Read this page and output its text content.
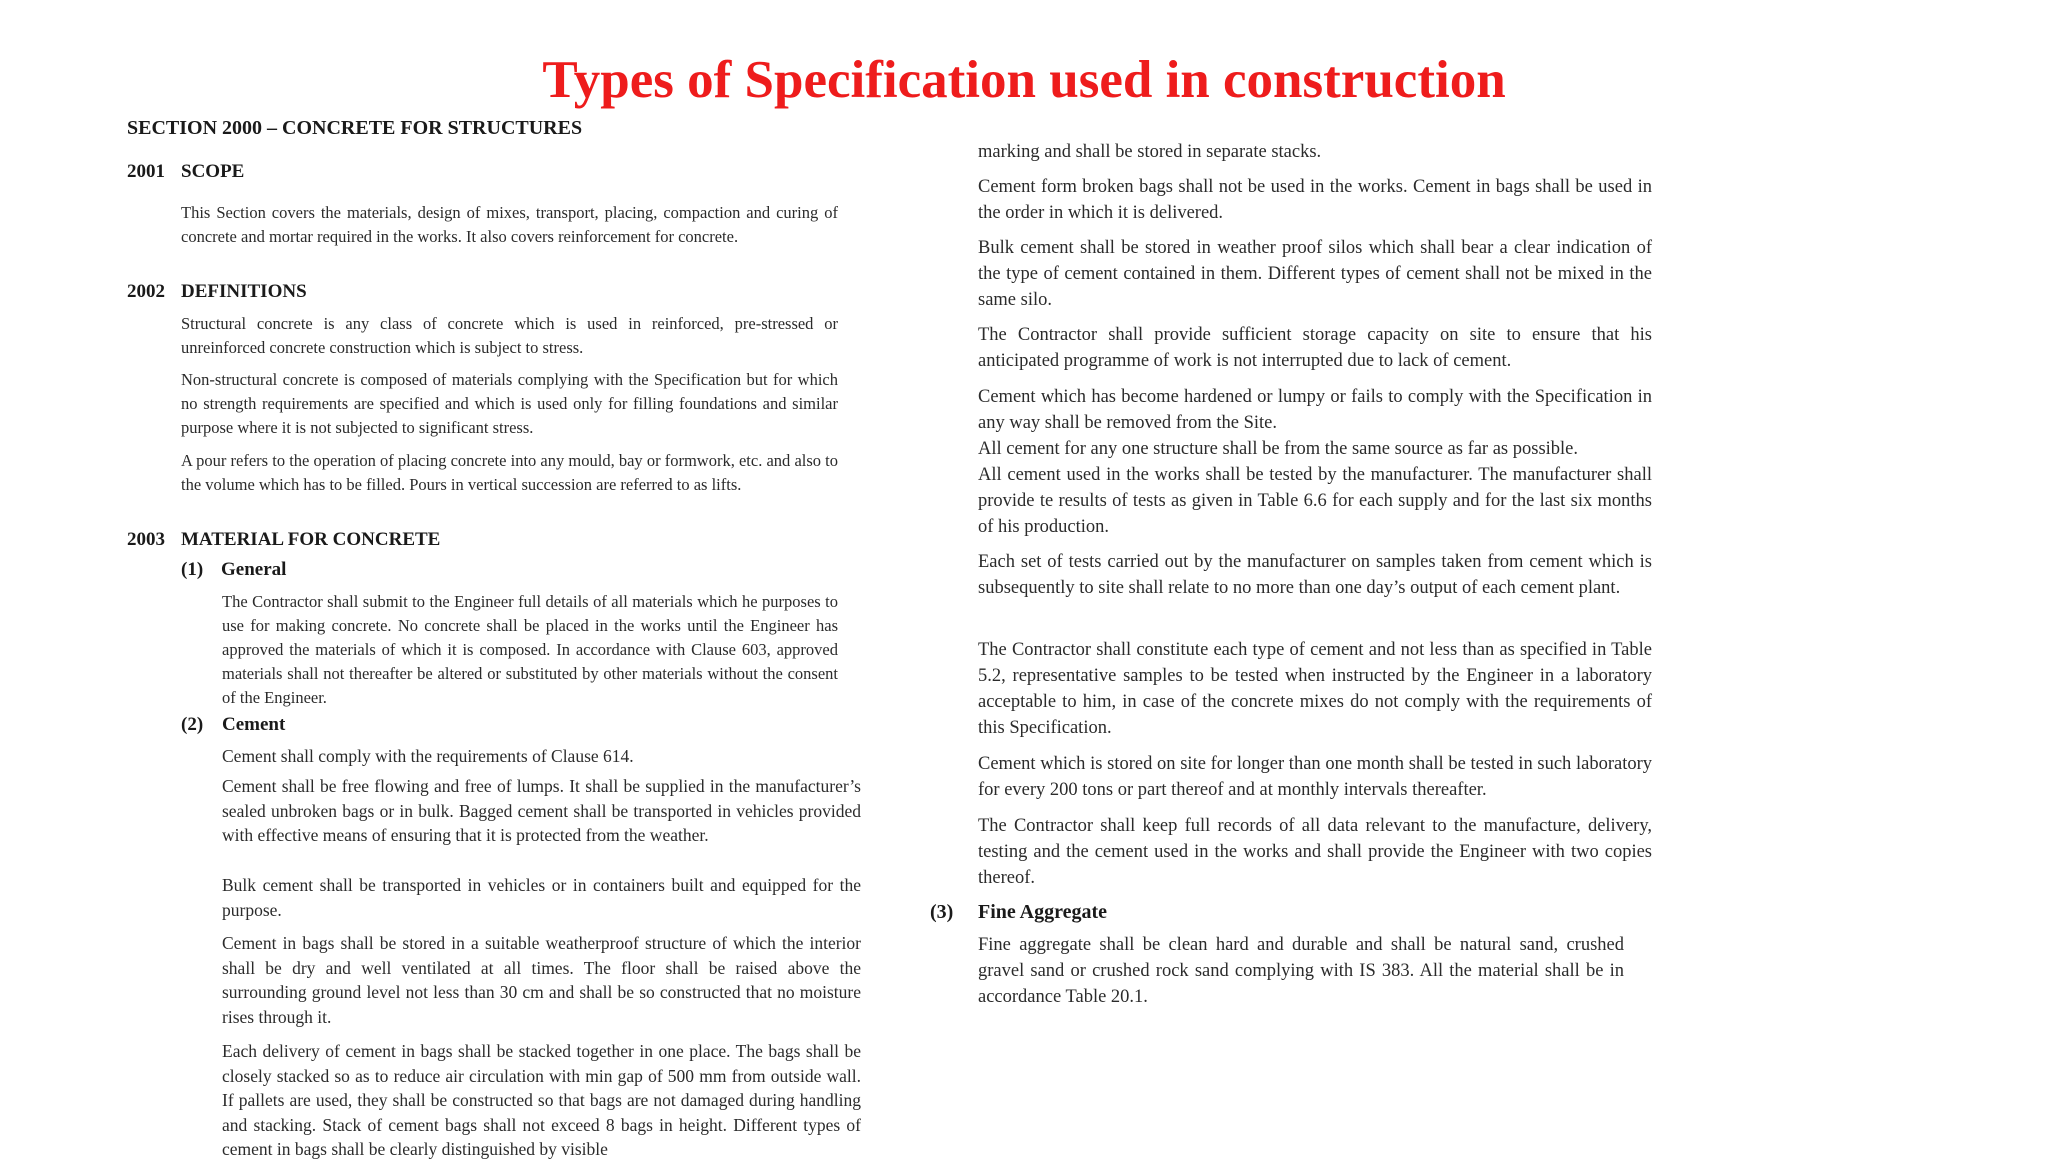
Types of Specification used in construction
SECTION 2000 – CONCRETE FOR STRUCTURES
2001 SCOPE

This Section covers the materials, design of mixes, transport, placing, compaction and curing of concrete and mortar required in the works. It also covers reinforcement for concrete.

2002 DEFINITIONS

Structural concrete is any class of concrete which is used in reinforced, pre-stressed or unreinforced concrete construction which is subject to stress.

Non-structural concrete is composed of materials complying with the Specification but for which no strength requirements are specified and which is used only for filling foundations and similar purpose where it is not subjected to significant stress.

A pour refers to the operation of placing concrete into any mould, bay or formwork, etc. and also to the volume which has to be filled. Pours in vertical succession are referred to as lifts.

2003 MATERIAL FOR CONCRETE
(1) General

The Contractor shall submit to the Engineer full details of all materials which he purposes to use for making concrete. No concrete shall be placed in the works until the Engineer has approved the materials of which it is composed. In accordance with Clause 603, approved materials shall not thereafter be altered or substituted by other materials without the consent of the Engineer.

(2) Cement

Cement shall comply with the requirements of Clause 614.

Cement shall be free flowing and free of lumps. It shall be supplied in the manufacturer’s sealed unbroken bags or in bulk. Bagged cement shall be transported in vehicles provided with effective means of ensuring that it is protected from the weather.

Bulk cement shall be transported in vehicles or in containers built and equipped for the purpose.

Cement in bags shall be stored in a suitable weatherproof structure of which the interior shall be dry and well ventilated at all times. The floor shall be raised above the surrounding ground level not less than 30 cm and shall be so constructed that no moisture rises through it.

Each delivery of cement in bags shall be stacked together in one place. The bags shall be closely stacked so as to reduce air circulation with min gap of 500 mm from outside wall. If pallets are used, they shall be constructed so that bags are not damaged during handling and stacking. Stack of cement bags shall not exceed 8 bags in height. Different types of cement in bags shall be clearly distinguished by visible

marking and shall be stored in separate stacks.

Cement form broken bags shall not be used in the works. Cement in bags shall be used in the order in which it is delivered.

Bulk cement shall be stored in weather proof silos which shall bear a clear indication of the type of cement contained in them. Different types of cement shall not be mixed in the same silo.

The Contractor shall provide sufficient storage capacity on site to ensure that his anticipated programme of work is not interrupted due to lack of cement.

Cement which has become hardened or lumpy or fails to comply with the Specification in any way shall be removed from the Site.

All cement for any one structure shall be from the same source as far as possible.

All cement used in the works shall be tested by the manufacturer. The manufacturer shall provide te results of tests as given in Table 6.6 for each supply and for the last six months of his production.

Each set of tests carried out by the manufacturer on samples taken from cement which is subsequently to site shall relate to no more than one day’s output of each cement plant.

The Contractor shall constitute each type of cement and not less than as specified in Table 5.2, representative samples to be tested when instructed by the Engineer in a laboratory acceptable to him, in case of the concrete mixes do not comply with the requirements of this Specification.

Cement which is stored on site for longer than one month shall be tested in such laboratory for every 200 tons or part thereof and at monthly intervals thereafter.

The Contractor shall keep full records of all data relevant to the manufacture, delivery, testing and the cement used in the works and shall provide the Engineer with two copies thereof.

(3) Fine Aggregate

Fine aggregate shall be clean hard and durable and shall be natural sand, crushed gravel sand or crushed rock sand complying with IS 383. All the material shall be in accordance Table 20.1.
